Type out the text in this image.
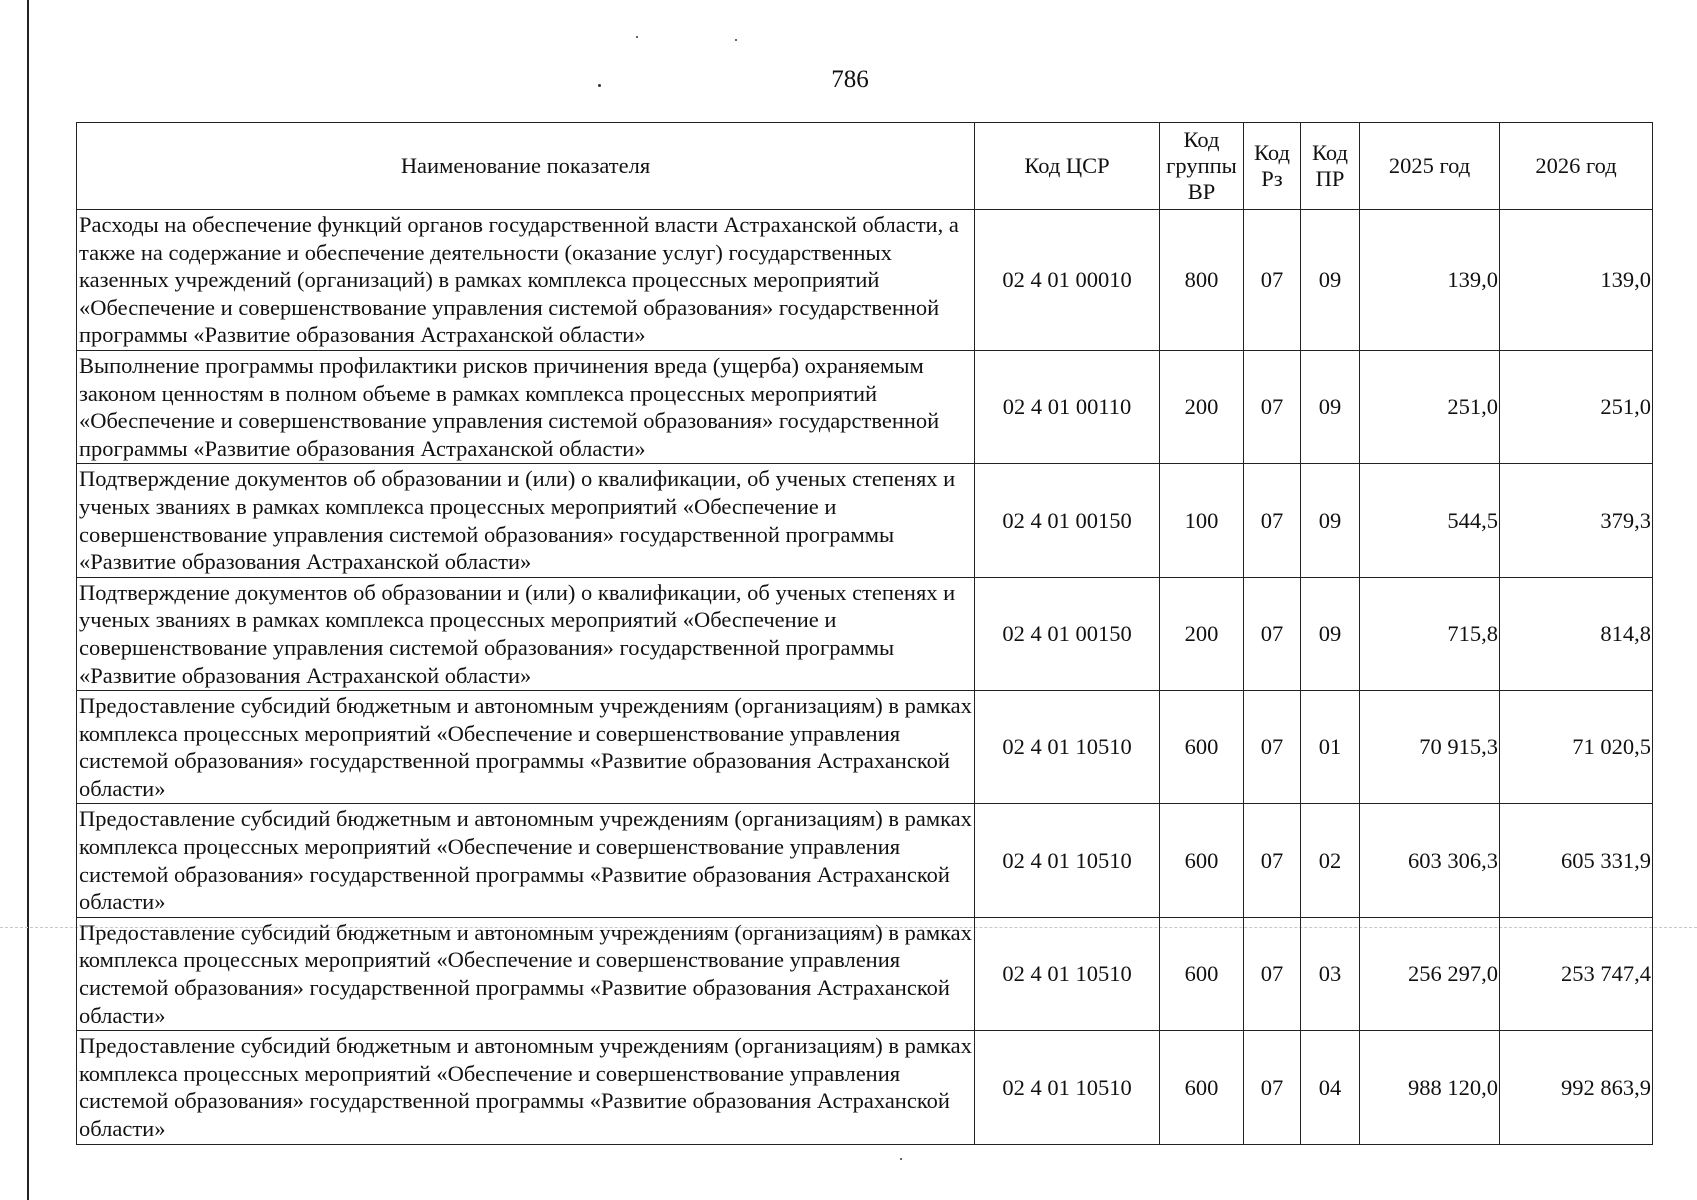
786
Наименование показателя	Код ЦСР	Код группы ВР	Код Рз	Код ПР	2025 год	2026 год
Расходы на обеспечение функций органов государственной власти Астраханской области, а также на содержание и обеспечение деятельности (оказание услуг) государственных казенных учреждений (организаций) в рамках комплекса процессных мероприятий «Обеспечение и совершенствование управления системой образования» государственной программы «Развитие образования Астраханской области»	02 4 01 00010	800	07	09	139,0	139,0
Выполнение программы профилактики рисков причинения вреда (ущерба) охраняемым законом ценностям в полном объеме в рамках комплекса процессных мероприятий «Обеспечение и совершенствование управления системой образования» государственной программы «Развитие образования Астраханской области»	02 4 01 00110	200	07	09	251,0	251,0
Подтверждение документов об образовании и (или) о квалификации, об ученых степенях и ученых званиях в рамках комплекса процессных мероприятий «Обеспечение и совершенствование управления системой образования» государственной программы «Развитие образования Астраханской области»	02 4 01 00150	100	07	09	544,5	379,3
Подтверждение документов об образовании и (или) о квалификации, об ученых степенях и ученых званиях в рамках комплекса процессных мероприятий «Обеспечение и совершенствование управления системой образования» государственной программы «Развитие образования Астраханской области»	02 4 01 00150	200	07	09	715,8	814,8
Предоставление субсидий бюджетным и автономным учреждениям (организациям) в рамках комплекса процессных мероприятий «Обеспечение и совершенствование управления системой образования» государственной программы «Развитие образования Астраханской области»	02 4 01 10510	600	07	01	70 915,3	71 020,5
Предоставление субсидий бюджетным и автономным учреждениям (организациям) в рамках комплекса процессных мероприятий «Обеспечение и совершенствование управления системой образования» государственной программы «Развитие образования Астраханской области»	02 4 01 10510	600	07	02	603 306,3	605 331,9
Предоставление субсидий бюджетным и автономным учреждениям (организациям) в рамках комплекса процессных мероприятий «Обеспечение и совершенствование управления системой образования» государственной программы «Развитие образования Астраханской области»	02 4 01 10510	600	07	03	256 297,0	253 747,4
Предоставление субсидий бюджетным и автономным учреждениям (организациям) в рамках комплекса процессных мероприятий «Обеспечение и совершенствование управления системой образования» государственной программы «Развитие образования Астраханской области»	02 4 01 10510	600	07	04	988 120,0	992 863,9
